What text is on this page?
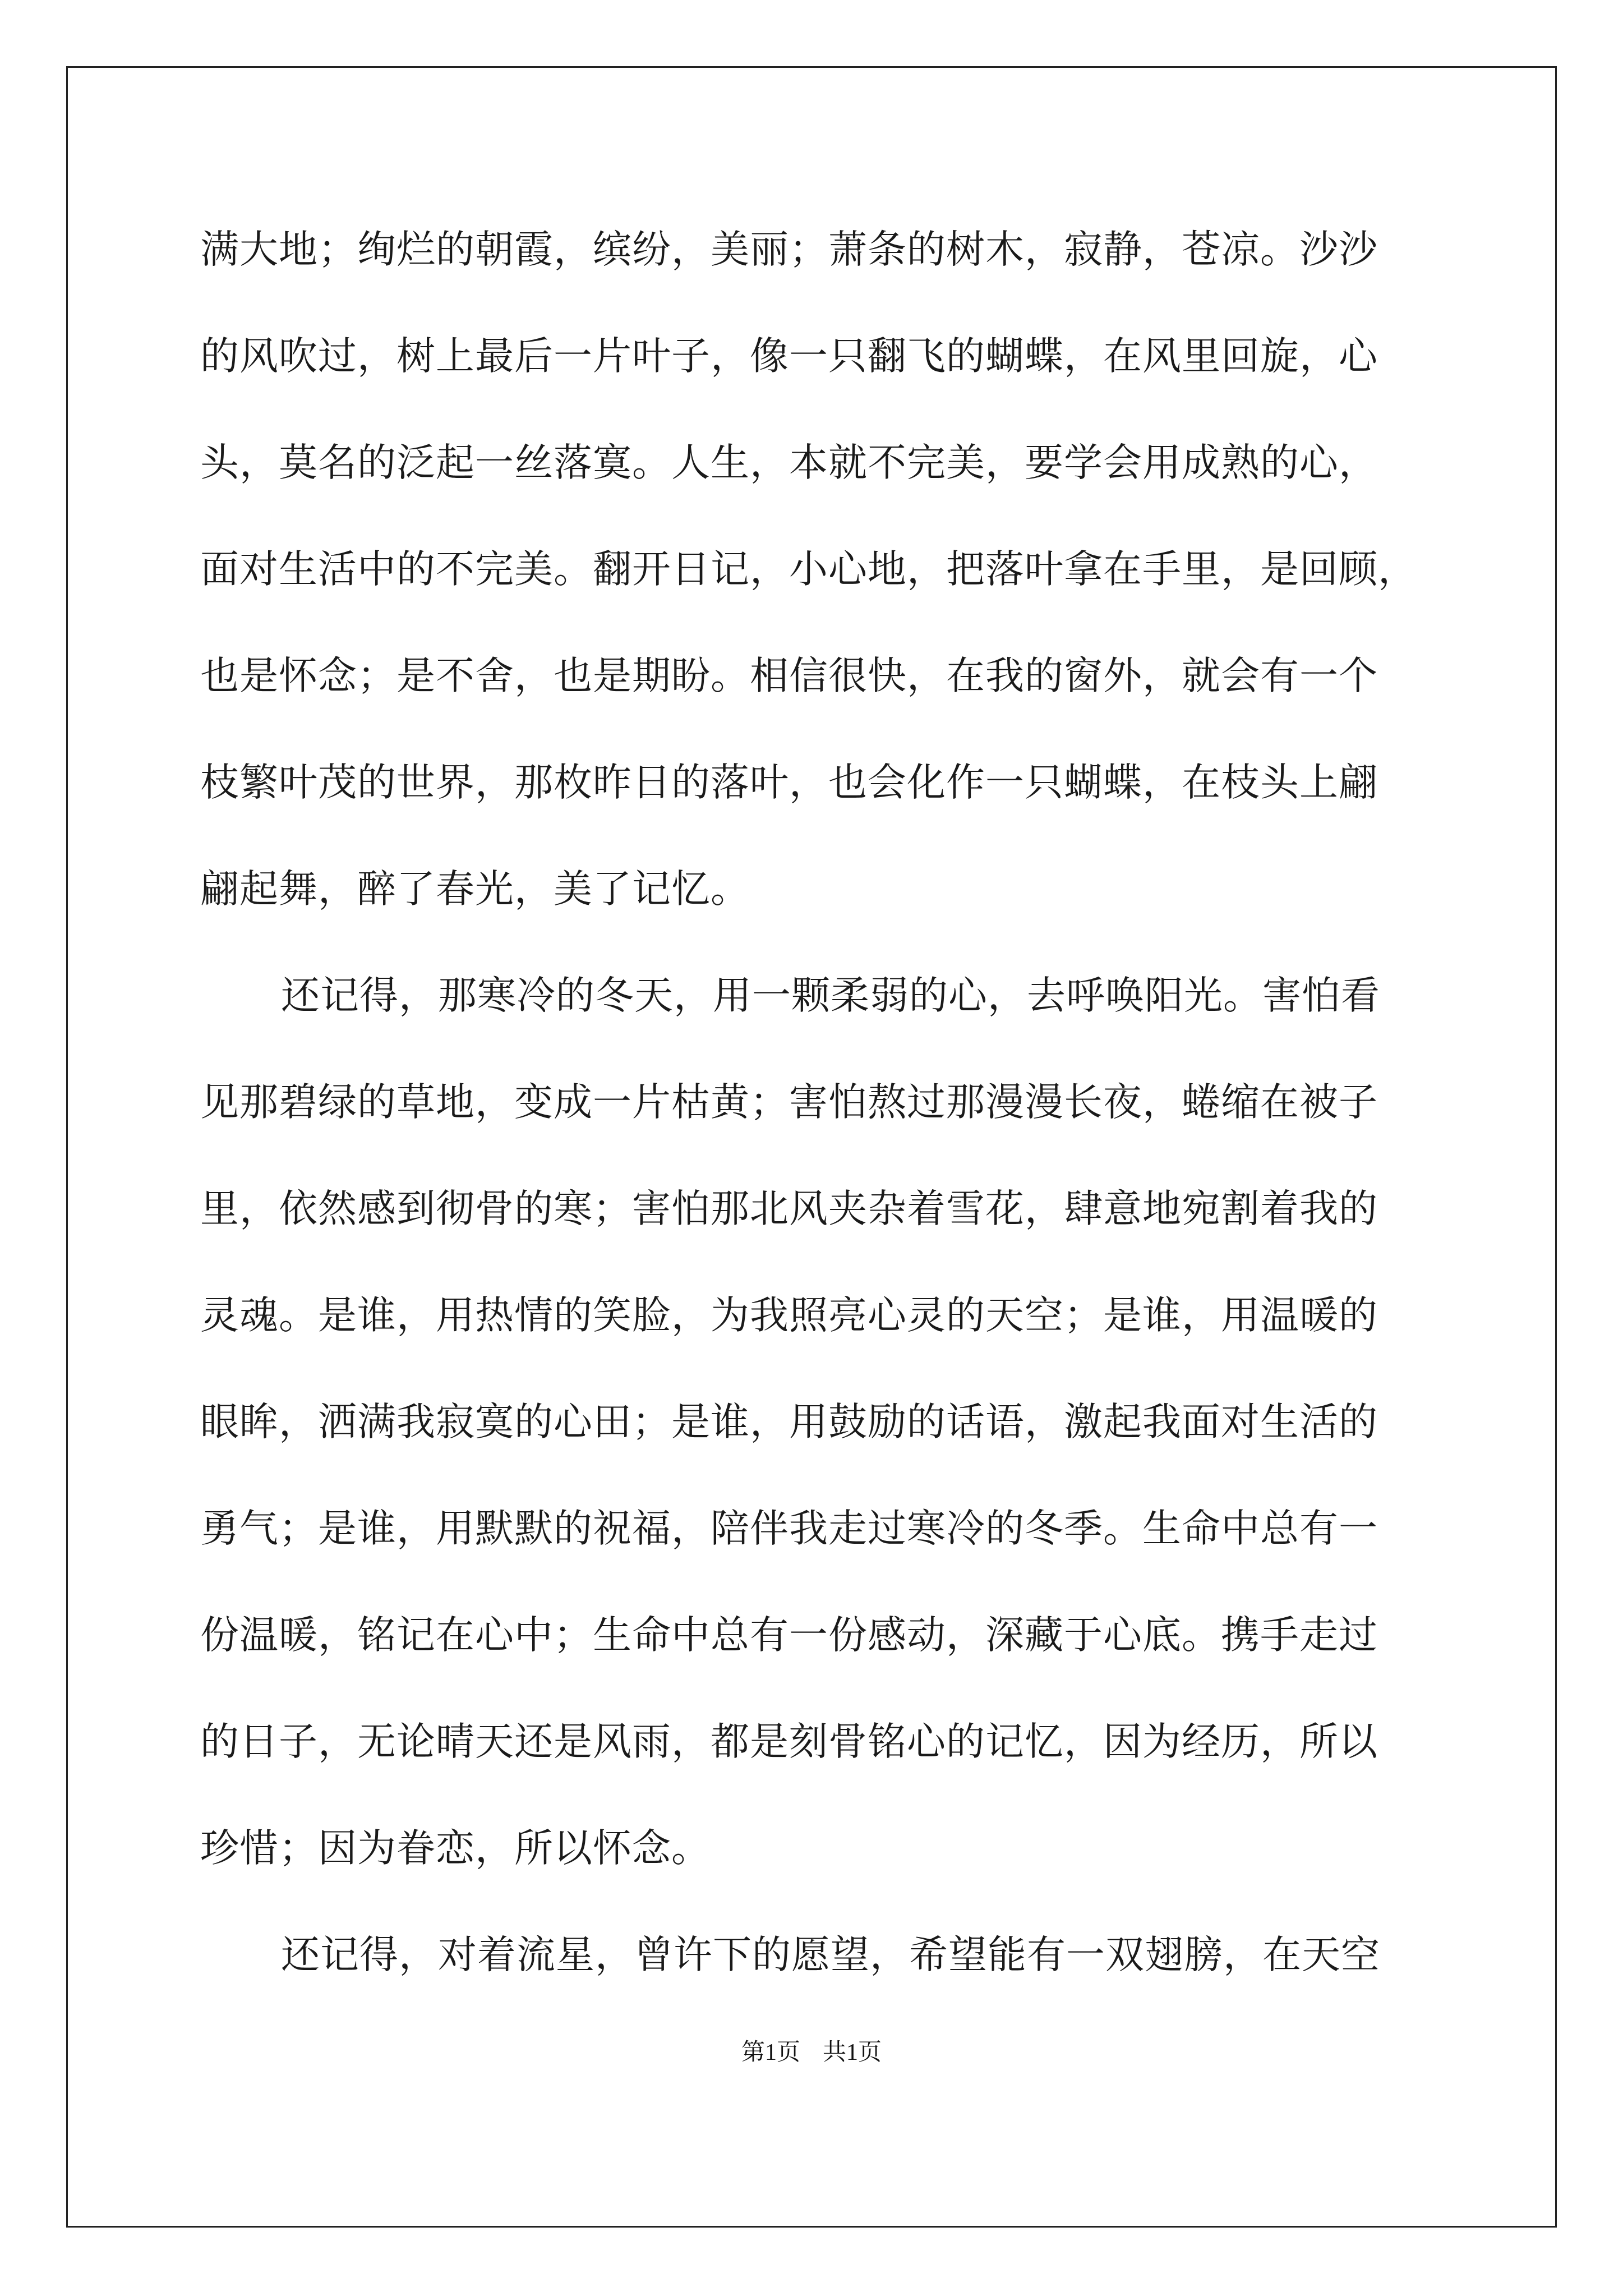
满大地；绚烂的朝霞，缤纷，美丽；萧条的树木，寂静，苍凉。沙沙
的风吹过，树上最后一片叶子，像一只翻飞的蝴蝶，在风里回旋，心
头，莫名的泛起一丝落寞。人生，本就不完美，要学会用成熟的心，
面对生活中的不完美。翻开日记，小心地，把落叶拿在手里，是回顾，
也是怀念；是不舍，也是期盼。相信很快，在我的窗外，就会有一个
枝繁叶茂的世界，那枚昨日的落叶，也会化作一只蝴蝶，在枝头上翩
翩起舞，醉了春光，美了记忆。
还记得，那寒冷的冬天，用一颗柔弱的心，去呼唤阳光。害怕看
见那碧绿的草地，变成一片枯黄；害怕熬过那漫漫长夜，蜷缩在被子
里，依然感到彻骨的寒；害怕那北风夹杂着雪花，肆意地宛割着我的
灵魂。是谁，用热情的笑脸，为我照亮心灵的天空；是谁，用温暖的
眼眸，洒满我寂寞的心田；是谁，用鼓励的话语，激起我面对生活的
勇气；是谁，用默默的祝福，陪伴我走过寒冷的冬季。生命中总有一
份温暖，铭记在心中；生命中总有一份感动，深藏于心底。携手走过
的日子，无论晴天还是风雨，都是刻骨铭心的记忆，因为经历，所以
珍惜；因为眷恋，所以怀念。
还记得，对着流星，曾许下的愿望，希望能有一双翅膀，在天空
第1页 共1页
